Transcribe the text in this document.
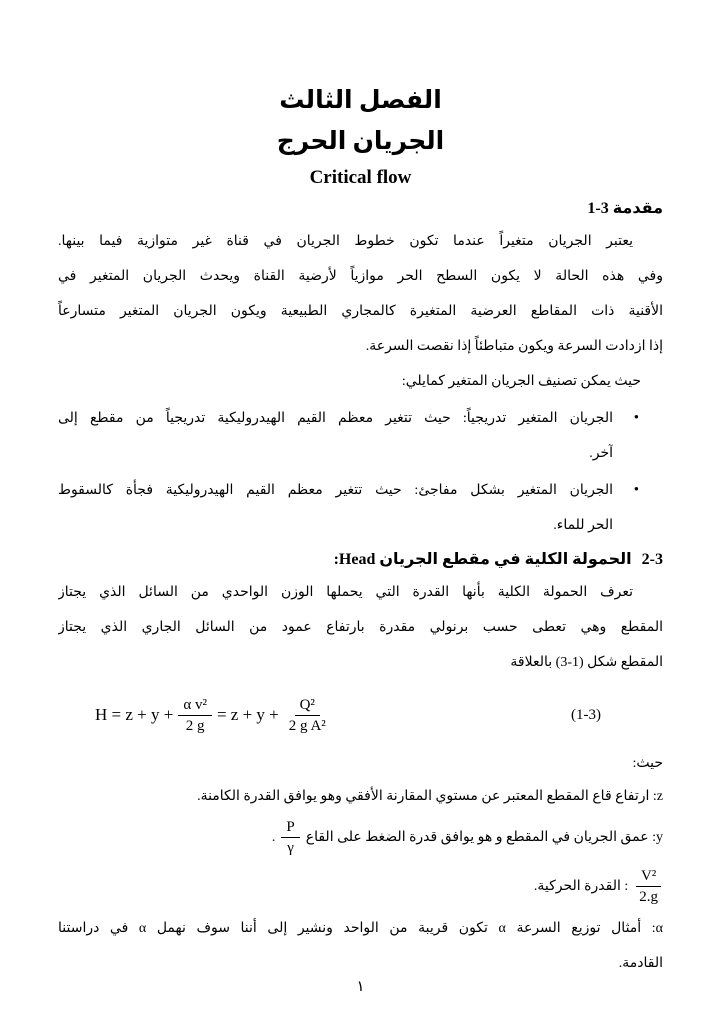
الفصل الثالث
الجريان الحرج
Critical flow
1-3 مقدمة
يعتبر الجريان متغيراً عندما تكون خطوط الجريان في قناة غير متوازية فيما بينها.
وفي هذه الحالة لا يكون السطح الحر موازياً لأرضية القناة ويحدث الجريان المتغير في
الأقنية ذات المقاطع العرضية المتغيرة كالمجاري الطبيعية ويكون الجريان المتغير متسارعاً
إذا ازدادت السرعة ويكون متباطئاً إذا نقصت السرعة.
حيث يمكن تصنيف الجريان المتغير كمايلي:
•
الجريان المتغير تدريجياً: حيث تتغير معظم القيم الهيدروليكية تدريجياً من مقطع إلى
آخر.
•
الجريان المتغير بشكل مفاجئ: حيث تتغير معظم القيم الهيدروليكية فجأة كالسقوط
الحر للماء.
2-3 الحمولة الكلية في مقطع الجريان Head:
تعرف الحمولة الكلية بأنها القدرة التي يحملها الوزن الواحدي من السائل الذي يجتاز
المقطع وهي تعطى حسب برنولي مقدرة بارتفاع عمود من السائل الجاري الذي يجتاز
المقطع شكل (1-3) بالعلاقة
$H = z + y + \frac{\text{α v²}}{2 g} = z + y + \frac{\text{Q²}}{\text{2 g A²}}$	(1-3)
حيث:
z: ارتفاع قاع المقطع المعتبر عن مستوي المقارنة الأفقي وهو يوافق القدرة الكامنة.
y: عمق الجريان في المقطع و هو يوافق قدرة الضغط على القاع
$\frac{P}{\gamma}$
.
$\frac{\text{V²}}{2.g}$
: القدرة الحركية.
α: أمثال توزيع السرعة α تكون قريبة من الواحد ونشير إلى أننا سوف نهمل α في دراستنا
القادمة.
١
